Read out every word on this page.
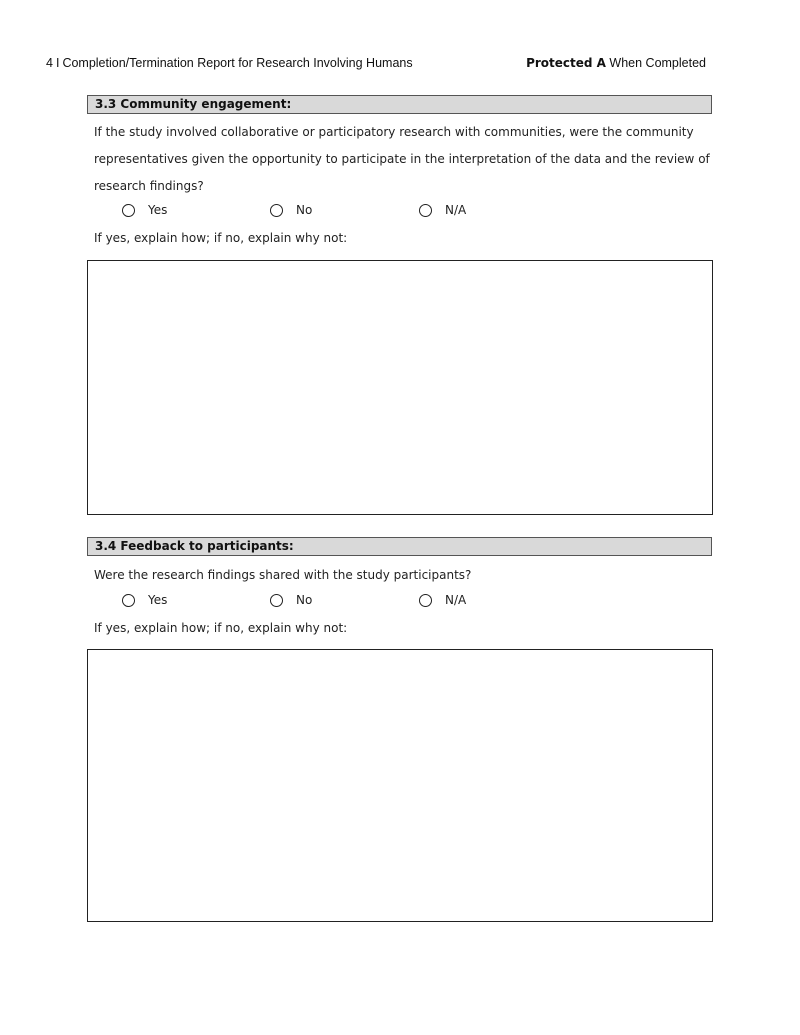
4 I Completion/Termination Report for Research Involving Humans	Protected A When Completed
3.3 Community engagement:
If the study involved collaborative or participatory research with communities, were the community
representatives given the opportunity to participate in the interpretation of the data and the review of
research findings?
Yes	No	N/A
If yes, explain how; if no, explain why not:
3.4 Feedback to participants:
Were the research findings shared with the study participants?
Yes	No	N/A
If yes, explain how; if no, explain why not:
